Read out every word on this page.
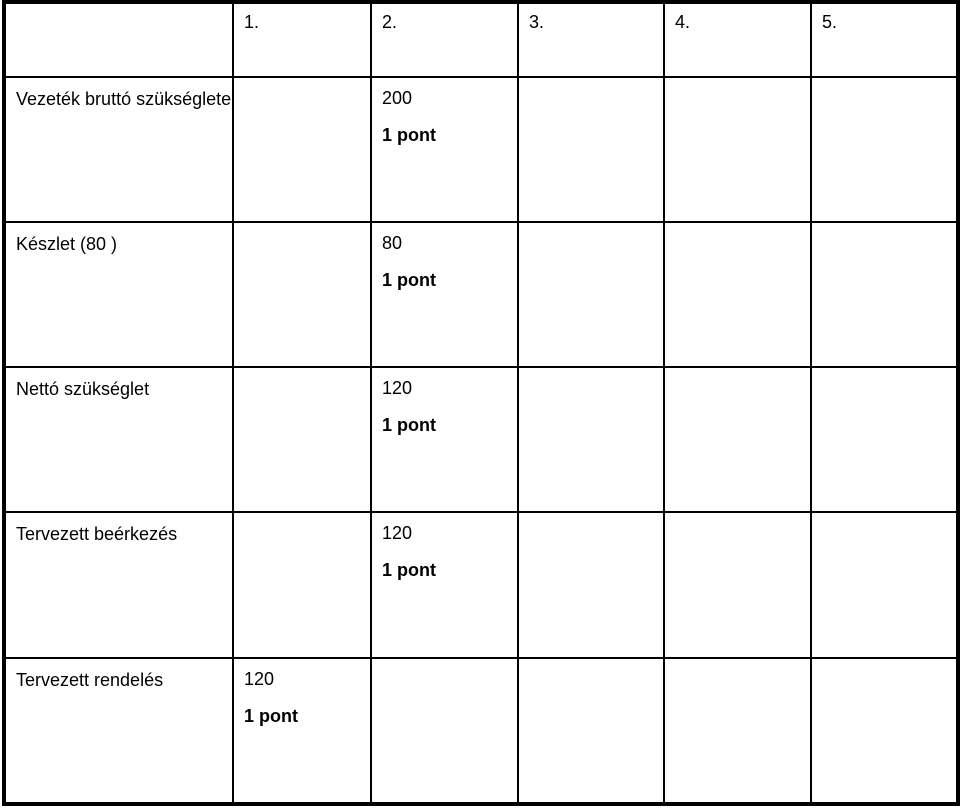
	1.	2.	3.	4.	5.

Vezeték bruttó szükséglete		200
1 pont			

Készlet (80 )		80
1 pont			

Nettó szükséglet		120
1 pont			

Tervezett beérkezés		120
1 pont			

Tervezett rendelés	120
1 pont				
